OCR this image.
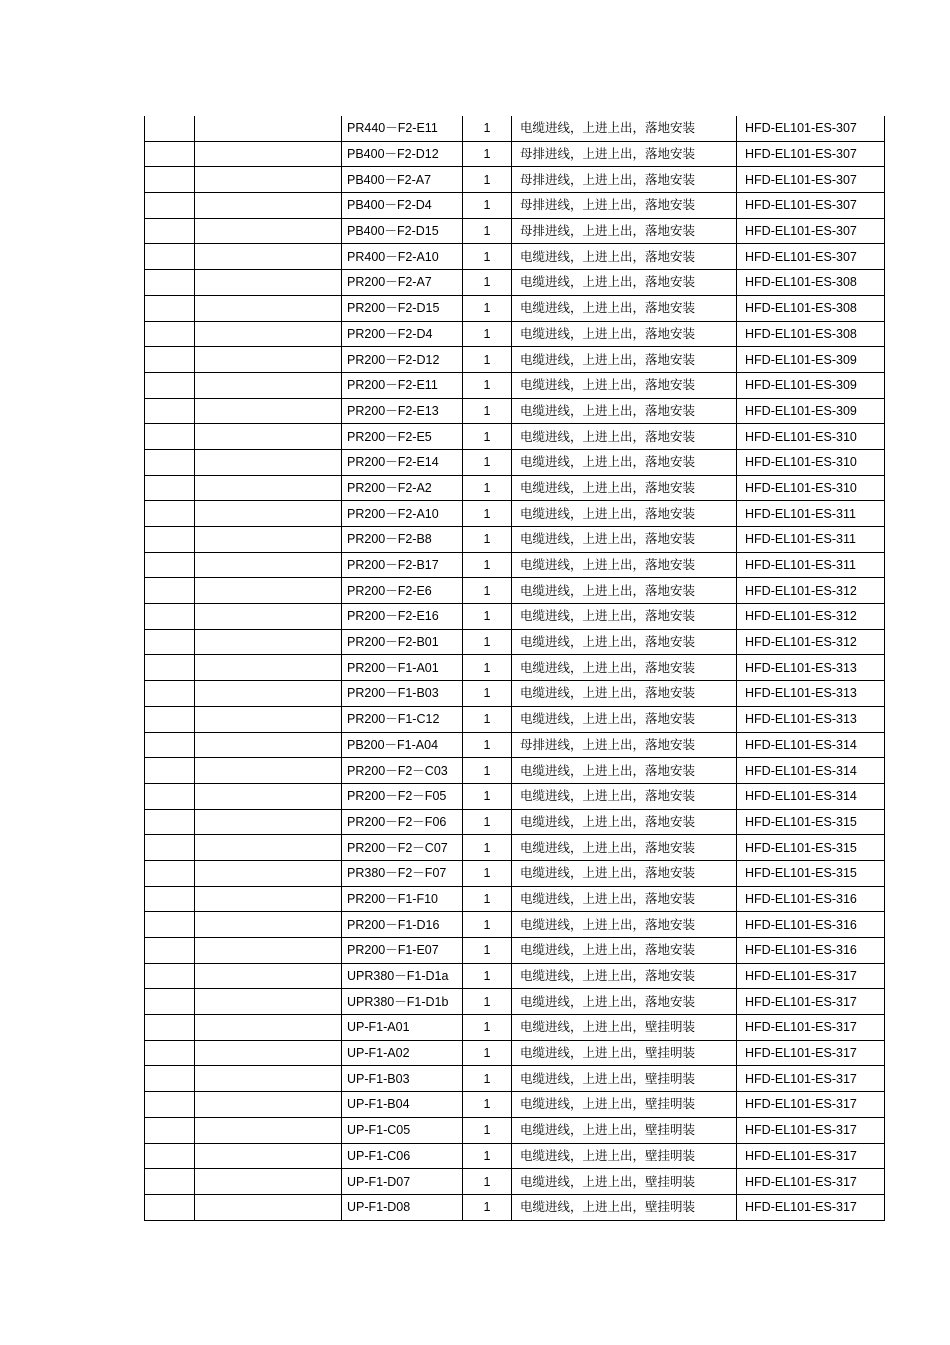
		PR440－F2-E11	1	电缆进线，上进上出，落地安装	HFD-EL101-ES-307
		PB400－F2-D12	1	母排进线，上进上出，落地安装	HFD-EL101-ES-307
		PB400－F2-A7	1	母排进线，上进上出，落地安装	HFD-EL101-ES-307
		PB400－F2-D4	1	母排进线，上进上出，落地安装	HFD-EL101-ES-307
		PB400－F2-D15	1	母排进线，上进上出，落地安装	HFD-EL101-ES-307
		PR400－F2-A10	1	电缆进线，上进上出，落地安装	HFD-EL101-ES-307
		PR200－F2-A7	1	电缆进线，上进上出，落地安装	HFD-EL101-ES-308
		PR200－F2-D15	1	电缆进线，上进上出，落地安装	HFD-EL101-ES-308
		PR200－F2-D4	1	电缆进线，上进上出，落地安装	HFD-EL101-ES-308
		PR200－F2-D12	1	电缆进线，上进上出，落地安装	HFD-EL101-ES-309
		PR200－F2-E11	1	电缆进线，上进上出，落地安装	HFD-EL101-ES-309
		PR200－F2-E13	1	电缆进线，上进上出，落地安装	HFD-EL101-ES-309
		PR200－F2-E5	1	电缆进线，上进上出，落地安装	HFD-EL101-ES-310
		PR200－F2-E14	1	电缆进线，上进上出，落地安装	HFD-EL101-ES-310
		PR200－F2-A2	1	电缆进线，上进上出，落地安装	HFD-EL101-ES-310
		PR200－F2-A10	1	电缆进线，上进上出，落地安装	HFD-EL101-ES-311
		PR200－F2-B8	1	电缆进线，上进上出，落地安装	HFD-EL101-ES-311
		PR200－F2-B17	1	电缆进线，上进上出，落地安装	HFD-EL101-ES-311
		PR200－F2-E6	1	电缆进线，上进上出，落地安装	HFD-EL101-ES-312
		PR200－F2-E16	1	电缆进线，上进上出，落地安装	HFD-EL101-ES-312
		PR200－F2-B01	1	电缆进线，上进上出，落地安装	HFD-EL101-ES-312
		PR200－F1-A01	1	电缆进线，上进上出，落地安装	HFD-EL101-ES-313
		PR200－F1-B03	1	电缆进线，上进上出，落地安装	HFD-EL101-ES-313
		PR200－F1-C12	1	电缆进线，上进上出，落地安装	HFD-EL101-ES-313
		PB200－F1-A04	1	母排进线，上进上出，落地安装	HFD-EL101-ES-314
		PR200－F2－C03	1	电缆进线，上进上出，落地安装	HFD-EL101-ES-314
		PR200－F2－F05	1	电缆进线，上进上出，落地安装	HFD-EL101-ES-314
		PR200－F2－F06	1	电缆进线，上进上出，落地安装	HFD-EL101-ES-315
		PR200－F2－C07	1	电缆进线，上进上出，落地安装	HFD-EL101-ES-315
		PR380－F2－F07	1	电缆进线，上进上出，落地安装	HFD-EL101-ES-315
		PR200－F1-F10	1	电缆进线，上进上出，落地安装	HFD-EL101-ES-316
		PR200－F1-D16	1	电缆进线，上进上出，落地安装	HFD-EL101-ES-316
		PR200－F1-E07	1	电缆进线，上进上出，落地安装	HFD-EL101-ES-316
		UPR380－F1-D1a	1	电缆进线，上进上出，落地安装	HFD-EL101-ES-317
		UPR380－F1-D1b	1	电缆进线，上进上出，落地安装	HFD-EL101-ES-317
		UP-F1-A01	1	电缆进线，上进上出，壁挂明装	HFD-EL101-ES-317
		UP-F1-A02	1	电缆进线，上进上出，壁挂明装	HFD-EL101-ES-317
		UP-F1-B03	1	电缆进线，上进上出，壁挂明装	HFD-EL101-ES-317
		UP-F1-B04	1	电缆进线，上进上出，壁挂明装	HFD-EL101-ES-317
		UP-F1-C05	1	电缆进线，上进上出，壁挂明装	HFD-EL101-ES-317
		UP-F1-C06	1	电缆进线，上进上出，壁挂明装	HFD-EL101-ES-317
		UP-F1-D07	1	电缆进线，上进上出，壁挂明装	HFD-EL101-ES-317
		UP-F1-D08	1	电缆进线，上进上出，壁挂明装	HFD-EL101-ES-317
